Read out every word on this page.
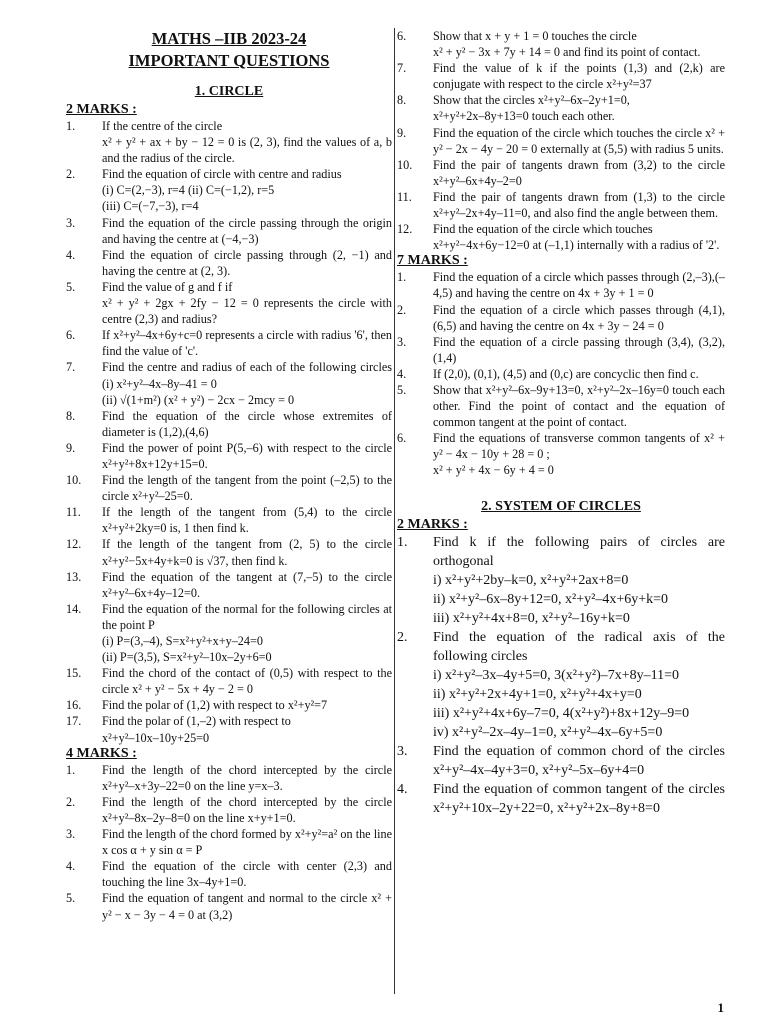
MATHS –IIB 2023-24

IMPORTANT QUESTIONS

1. CIRCLE

2 MARKS :

1.	If the centre of the circle
x² + y² + ax + by − 12 = 0 is (2, 3), find the values of a, b and the radius of the circle.
2.	Find the equation of circle with centre and radius
(i) C=(2,−3), r=4 (ii) C=(−1,2), r=5
(iii) C=(−7,−3), r=4
3.	Find the equation of the circle passing through the origin and having the centre at (−4,−3)
4.	Find the equation of circle passing through (2, −1) and having the centre at (2, 3).
5.	Find the value of g and f if
x² + y² + 2gx + 2fy − 12 = 0 represents the circle with centre (2,3) and radius?
6.	If x²+y²–4x+6y+c=0 represents a circle with radius '6', then find the value of 'c'.
7.	Find the centre and radius of each of the following circles (i) x²+y²–4x–8y–41 = 0
(ii) √(1+m²) (x² + y²) − 2cx − 2mcy = 0
8.	Find the equation of the circle whose extremites of diameter is (1,2),(4,6)
9.	Find the power of point P(5,–6) with respect to the circle x²+y²+8x+12y+15=0.
10.	Find the length of the tangent from the point (–2,5) to the circle x²+y²–25=0.
11.	If the length of the tangent from (5,4) to the circle x²+y²+2ky=0 is, 1 then find k.
12.	If the length of the tangent from (2, 5) to the circle x²+y²−5x+4y+k=0 is √37, then find k.
13.	Find the equation of the tangent at (7,–5) to the circle x²+y²–6x+4y–12=0.
14.	Find the equation of the normal for the following circles at the point P
(i) P=(3,–4), S=x²+y²+x+y–24=0
(ii) P=(3,5), S=x²+y²–10x–2y+6=0
15.	Find the chord of the contact of (0,5) with respect to the circle x² + y² − 5x + 4y − 2 = 0
16.	Find the polar of (1,2) with respect to x²+y²=7
17.	Find the polar of (1,–2) with respect to
x²+y²–10x–10y+25=0

4 MARKS :

1.	Find the length of the chord intercepted by the circle x²+y²–x+3y–22=0 on the line y=x–3.
2.	Find the length of the chord intercepted by the circle x²+y²–8x–2y–8=0 on the line x+y+1=0.
3.	Find the length of the chord formed by x²+y²=a² on the line x cos α + y sin α = P
4.	Find the equation of the circle with center (2,3) and touching the line 3x–4y+1=0.
5.	Find the equation of tangent and normal to the circle x² + y² − x − 3y − 4 = 0 at (3,2)
6.	Show that x + y + 1 = 0 touches the circle
x² + y² − 3x + 7y + 14 = 0 and find its point of contact.
7.	Find the value of k if the points (1,3) and (2,k) are conjugate with respect to the circle x²+y²=37
8.	Show that the circles x²+y²–6x–2y+1=0,
x²+y²+2x–8y+13=0 touch each other.
9.	Find the equation of the circle which touches the circle x² + y² − 2x − 4y − 20 = 0 externally at (5,5) with radius 5 units.
10.	Find the pair of tangents drawn from (3,2) to the circle x²+y²–6x+4y–2=0
11.	Find the pair of tangents drawn from (1,3) to the circle x²+y²–2x+4y–11=0, and also find the angle between them.
12.	Find the equation of the circle which touches
x²+y²−4x+6y−12=0 at (–1,1) internally with a radius of '2'.

7 MARKS :

1.	Find the equation of a circle which passes through (2,–3),(–4,5) and having the centre on 4x + 3y + 1 = 0
2.	Find the equation of a circle which passes through (4,1),(6,5) and having the centre on 4x + 3y − 24 = 0
3.	Find the equation of a circle passing through (3,4), (3,2), (1,4)
4.	If (2,0), (0,1), (4,5) and (0,c) are concyclic then find c.
5.	Show that x²+y²–6x–9y+13=0, x²+y²–2x–16y=0 touch each other. Find the point of contact and the equation of common tangent at the point of contact.
6.	Find the equations of transverse common tangents of x² + y² − 4x − 10y + 28 = 0 ;
x² + y² + 4x − 6y + 4 = 0
2. SYSTEM OF CIRCLES

2 MARKS :

1.	Find k if the following pairs of circles are orthogonal
i) x²+y²+2by–k=0, x²+y²+2ax+8=0
ii) x²+y²–6x–8y+12=0, x²+y²–4x+6y+k=0
iii) x²+y²+4x+8=0, x²+y²–16y+k=0
2.	Find the equation of the radical axis of the following circles
i) x²+y²–3x–4y+5=0, 3(x²+y²)–7x+8y–11=0
ii) x²+y²+2x+4y+1=0, x²+y²+4x+y=0
iii) x²+y²+4x+6y–7=0, 4(x²+y²)+8x+12y–9=0
iv) x²+y²–2x–4y–1=0, x²+y²–4x–6y+5=0
3.	Find the equation of common chord of the circles x²+y²–4x–4y+3=0, x²+y²–5x–6y+4=0
4.	Find the equation of common tangent of the circles x²+y²+10x–2y+22=0, x²+y²+2x–8y+8=0
1
